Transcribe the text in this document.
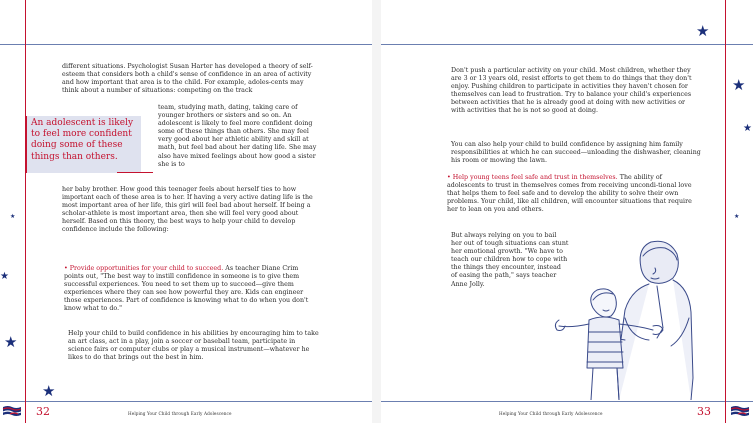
★
★
★
★

different situations. Psychologist Susan Harter has developed a theory of self-esteem that considers both a child's sense of confidence in an area of activity and how important that area is to the child. For example, adoles-cents may think about a number of situations: competing on the track

team, studying math, dating, taking care of younger brothers or sisters and so on. An adolescent is likely to feel more confident doing some of these things than others. She may feel very good about her athletic ability and skill at math, but feel bad about her dating life. She may also have mixed feelings about how good a sister she is to

An adolescent is likely to feel more confident doing some of these things than others.

her baby brother. How good this teenager feels about herself ties to how important each of these area is to her. If having a very active dating life is the most important area of her life, this girl will feel bad about herself. If being a scholar-athlete is most important area, then she will feel very good about herself. Based on this theory, the best ways to help your child to develop confidence include the following:

• Provide opportunities for your child to succeed. As teacher Diane Crim points out, "The best way to instill confidence in someone is to give them successful experiences. You need to set them up to succeed—give them experiences where they can see how powerful they are. Kids can engineer those experiences. Part of confidence is knowing what to do when you don't know what to do."

Help your child to build confidence in his abilities by encouraging him to take an art class, act in a play, join a soccer or baseball team, participate in science fairs or computer clubs or play a musical instrument—whatever he likes to do that brings out the best in him.

32	Helping Your Child through Early Adolescence
★
★
★
★

Don't push a particular activity on your child. Most children, whether they are 3 or 13 years old, resist efforts to get them to do things that they don't enjoy. Pushing children to participate in activities they haven't chosen for themselves can lead to frustration. Try to balance your child's experiences between activities that he is already good at doing with new activities or with activities that he is not so good at doing.

You can also help your child to build confidence by assigning him family responsibilities at which he can succeed—unloading the dishwasher, cleaning his room or mowing the lawn.

• Help young teens feel safe and trust in themselves. The ability of adolescents to trust in themselves comes from receiving uncondi-tional love that helps them to feel safe and to develop the ability to solve their own problems. Your child, like all children, will encounter situations that require her to lean on you and others.

But always relying on you to bail her out of tough situations can stunt her emotional growth. "We have to teach our children how to cope with the things they encounter, instead of easing the path," says teacher Anne Jolly.

Helping Your Child through Early Adolescence	33
